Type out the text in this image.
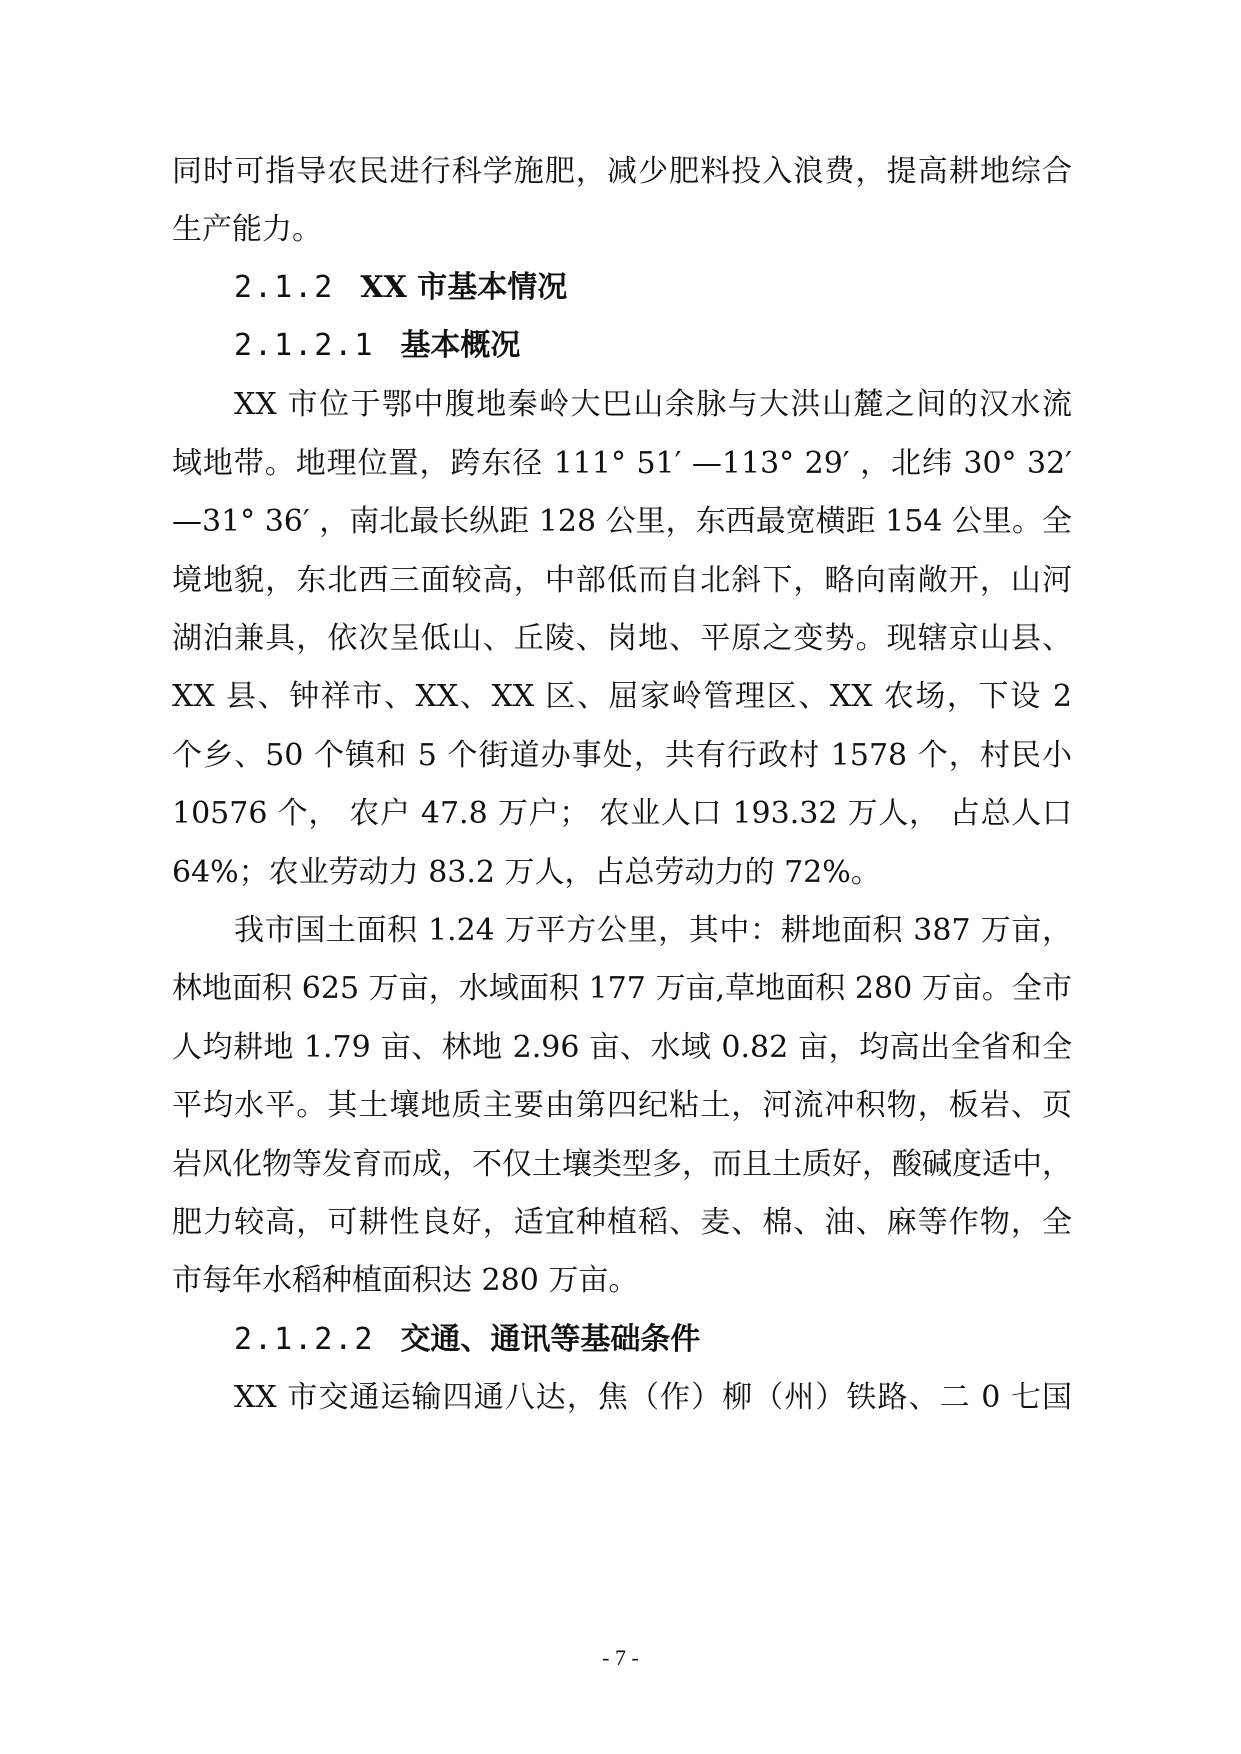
同时可指导农民进行科学施肥，减少肥料投入浪费，提高耕地综合
生产能力。
2.1.2 XX 市基本情况
2.1.2.1 基本概况
XX 市位于鄂中腹地秦岭大巴山余脉与大洪山麓之间的汉水流
域地带。地理位置，跨东径 111° 51′ —113° 29′ ，北纬 30° 32′
—31° 36′ ，南北最长纵距 128 公里，东西最宽横距 154 公里。全
境地貌，东北西三面较高，中部低而自北斜下，略向南敞开，山河
湖泊兼具，依次呈低山、丘陵、岗地、平原之变势。现辖京山县、
XX 县、钟祥市、XX、XX 区、屈家岭管理区、XX 农场，下设 2
个乡、50 个镇和 5 个街道办事处，共有行政村 1578 个，村民小
10576 个， 农户 47.8 万户； 农业人口 193.32 万人， 占总人口
64%；农业劳动力 83.2 万人，占总劳动力的 72%。
我市国土面积 1.24 万平方公里，其中：耕地面积 387 万亩，
林地面积 625 万亩，水域面积 177 万亩,草地面积 280 万亩。全市
人均耕地 1.79 亩、林地 2.96 亩、水域 0.82 亩，均高出全省和全
平均水平。其土壤地质主要由第四纪粘土，河流冲积物，板岩、页
岩风化物等发育而成，不仅土壤类型多，而且土质好，酸碱度适中，
肥力较高，可耕性良好，适宜种植稻、麦、棉、油、麻等作物，全
市每年水稻种植面积达 280 万亩。
2.1.2.2 交通、通讯等基础条件
XX 市交通运输四通八达，焦（作）柳（州）铁路、二 0 七国
- 7 -
